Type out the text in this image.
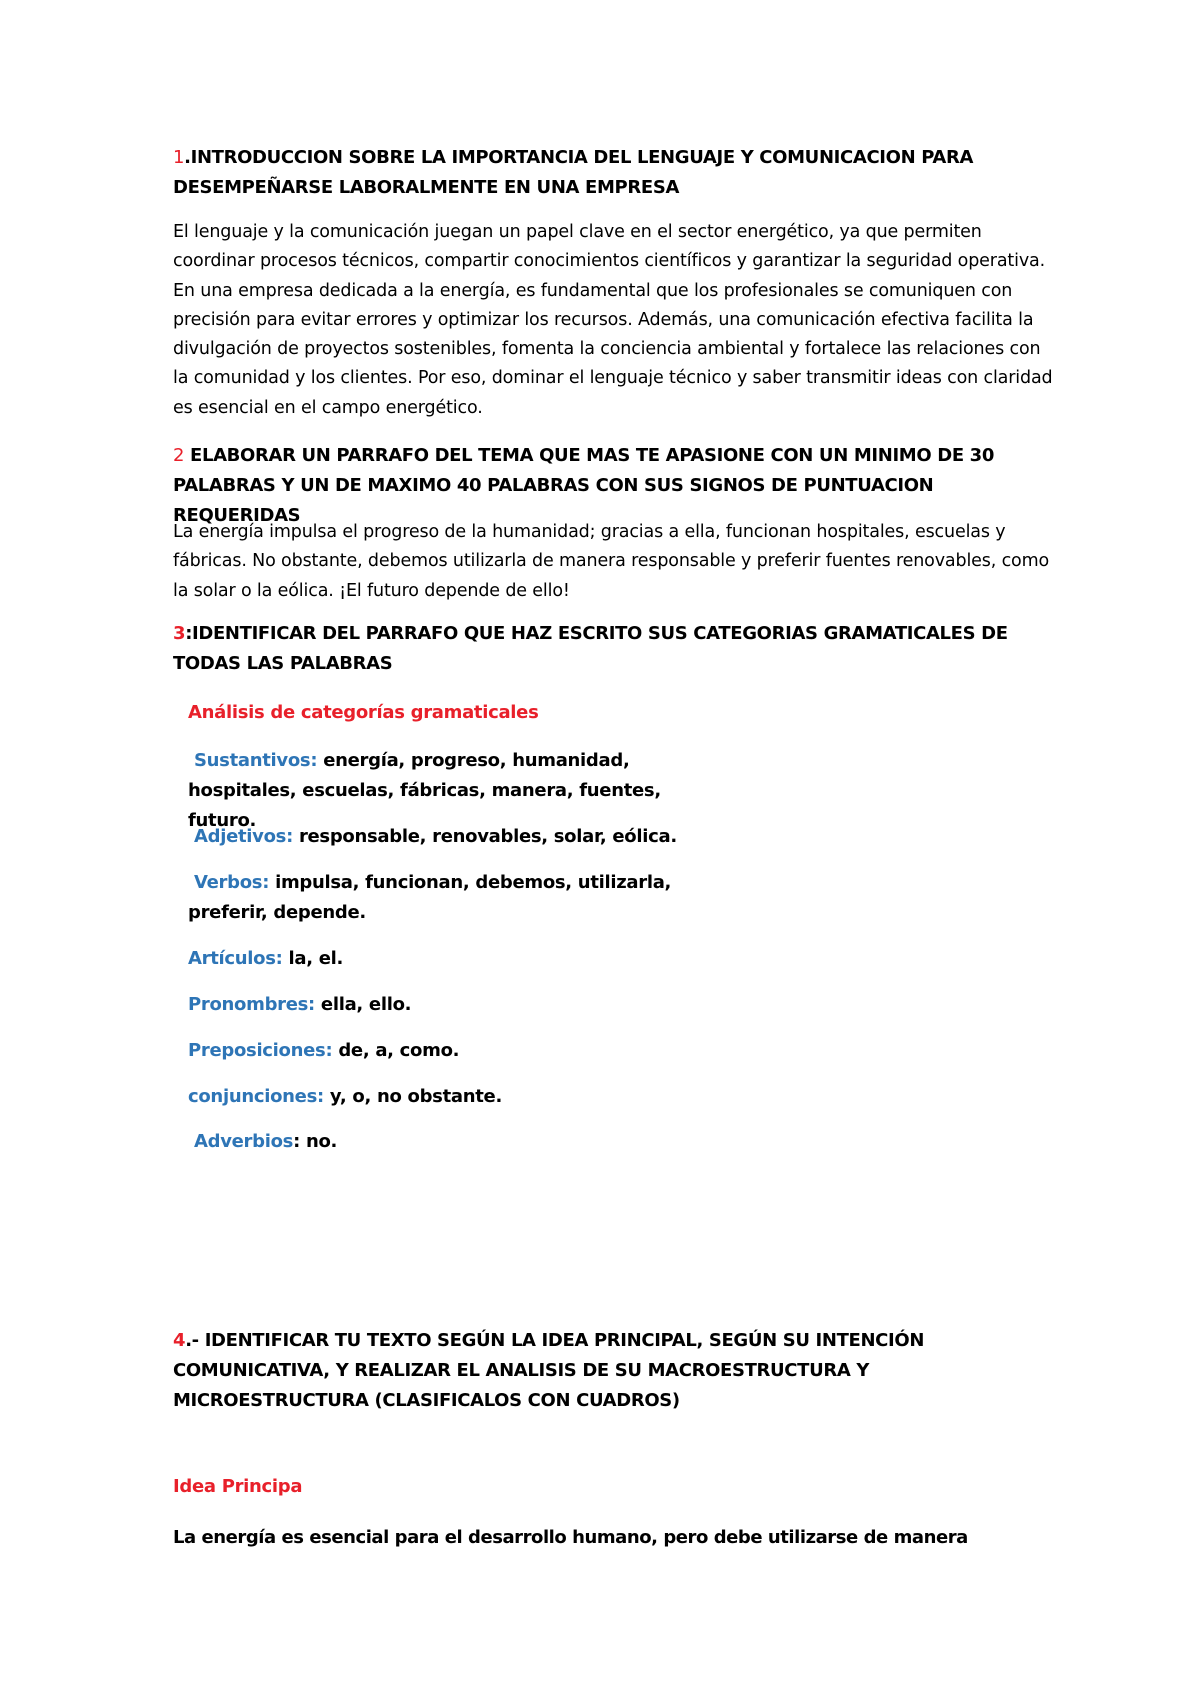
1.INTRODUCCION SOBRE LA IMPORTANCIA DEL LENGUAJE Y COMUNICACION PARA DESEMPEÑARSE LABORALMENTE EN UNA EMPRESA
El lenguaje y la comunicación juegan un papel clave en el sector energético, ya que permiten coordinar procesos técnicos, compartir conocimientos científicos y garantizar la seguridad operativa. En una empresa dedicada a la energía, es fundamental que los profesionales se comuniquen con precisión para evitar errores y optimizar los recursos. Además, una comunicación efectiva facilita la divulgación de proyectos sostenibles, fomenta la conciencia ambiental y fortalece las relaciones con la comunidad y los clientes. Por eso, dominar el lenguaje técnico y saber transmitir ideas con claridad es esencial en el campo energético.
2 ELABORAR UN PARRAFO DEL TEMA QUE MAS TE APASIONE CON UN MINIMO DE 30 PALABRAS Y UN DE MAXIMO 40 PALABRAS CON SUS SIGNOS DE PUNTUACION REQUERIDAS
La energía impulsa el progreso de la humanidad; gracias a ella, funcionan hospitales, escuelas y fábricas. No obstante, debemos utilizarla de manera responsable y preferir fuentes renovables, como la solar o la eólica. ¡El futuro depende de ello!
3:IDENTIFICAR DEL PARRAFO QUE HAZ ESCRITO SUS CATEGORIAS GRAMATICALES DE TODAS LAS PALABRAS
Análisis de categorías gramaticales
Sustantivos: energía, progreso, humanidad, hospitales, escuelas, fábricas, manera, fuentes, futuro.
Adjetivos: responsable, renovables, solar, eólica.
Verbos: impulsa, funcionan, debemos, utilizarla, preferir, depende.
Artículos: la, el.
Pronombres: ella, ello.
Preposiciones: de, a, como.
conjunciones: y, o, no obstante.
Adverbios: no.
4.- IDENTIFICAR TU TEXTO SEGÚN LA IDEA PRINCIPAL, SEGÚN SU INTENCIÓN COMUNICATIVA, Y REALIZAR EL ANALISIS DE SU MACROESTRUCTURA Y MICROESTRUCTURA (CLASIFICALOS CON CUADROS)
Idea Principa
La energía es esencial para el desarrollo humano, pero debe utilizarse de manera
